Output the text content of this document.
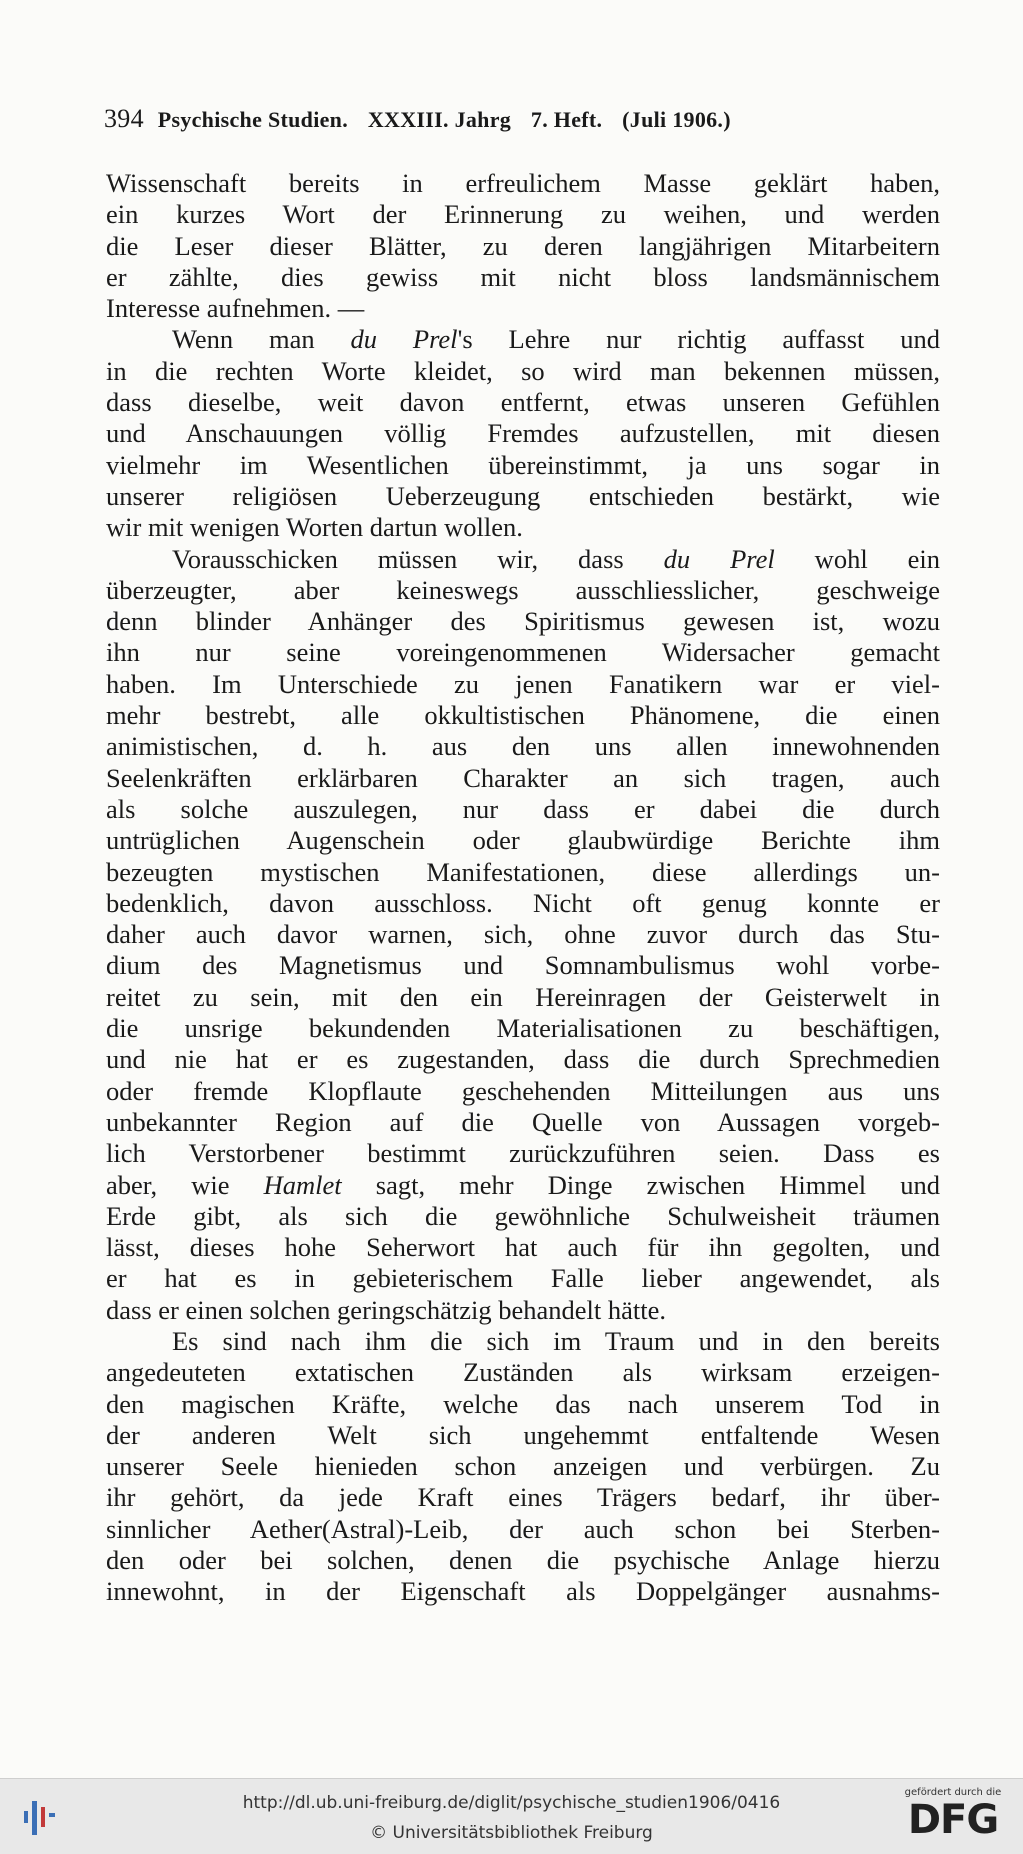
394 Psychische Studien. XXXIII. Jahrg 7. Heft. (Juli 1906.)
Wissenschaft bereits in erfreulichem Masse geklärt haben,
ein kurzes Wort der Erinnerung zu weihen, und werden
die Leser dieser Blätter, zu deren langjährigen Mitarbeitern
er zählte, dies gewiss mit nicht bloss landsmännischem
Interesse aufnehmen. —
Wenn man du Prel's Lehre nur richtig auffasst und
in die rechten Worte kleidet, so wird man bekennen müssen,
dass dieselbe, weit davon entfernt, etwas unseren Gefühlen
und Anschauungen völlig Fremdes aufzustellen, mit diesen
vielmehr im Wesentlichen übereinstimmt, ja uns sogar in
unserer religiösen Ueberzeugung entschieden bestärkt, wie
wir mit wenigen Worten dartun wollen.
Vorausschicken müssen wir, dass du Prel wohl ein
überzeugter, aber keineswegs ausschliesslicher, geschweige
denn blinder Anhänger des Spiritismus gewesen ist, wozu
ihn nur seine voreingenommenen Widersacher gemacht
haben. Im Unterschiede zu jenen Fanatikern war er viel-
mehr bestrebt, alle okkultistischen Phänomene, die einen
animistischen, d. h. aus den uns allen innewohnenden
Seelenkräften erklärbaren Charakter an sich tragen, auch
als solche auszulegen, nur dass er dabei die durch
untrüglichen Augenschein oder glaubwürdige Berichte ihm
bezeugten mystischen Manifestationen, diese allerdings un-
bedenklich, davon ausschloss. Nicht oft genug konnte er
daher auch davor warnen, sich, ohne zuvor durch das Stu-
dium des Magnetismus und Somnambulismus wohl vorbe-
reitet zu sein, mit den ein Hereinragen der Geisterwelt in
die unsrige bekundenden Materialisationen zu beschäftigen,
und nie hat er es zugestanden, dass die durch Sprechmedien
oder fremde Klopflaute geschehenden Mitteilungen aus uns
unbekannter Region auf die Quelle von Aussagen vorgeb-
lich Verstorbener bestimmt zurückzuführen seien. Dass es
aber, wie Hamlet sagt, mehr Dinge zwischen Himmel und
Erde gibt, als sich die gewöhnliche Schulweisheit träumen
lässt, dieses hohe Seherwort hat auch für ihn gegolten, und
er hat es in gebieterischem Falle lieber angewendet, als
dass er einen solchen geringschätzig behandelt hätte.
Es sind nach ihm die sich im Traum und in den bereits
angedeuteten extatischen Zuständen als wirksam erzeigen-
den magischen Kräfte, welche das nach unserem Tod in
der anderen Welt sich ungehemmt entfaltende Wesen
unserer Seele hienieden schon anzeigen und verbürgen. Zu
ihr gehört, da jede Kraft eines Trägers bedarf, ihr über-
sinnlicher Aether(Astral)-Leib, der auch schon bei Sterben-
den oder bei solchen, denen die psychische Anlage hierzu
innewohnt, in der Eigenschaft als Doppelgänger ausnahms-
http://dl.ub.uni-freiburg.de/diglit/psychische_studien1906/0416
© Universitätsbibliothek Freiburg
gefördert durch die
DFG
